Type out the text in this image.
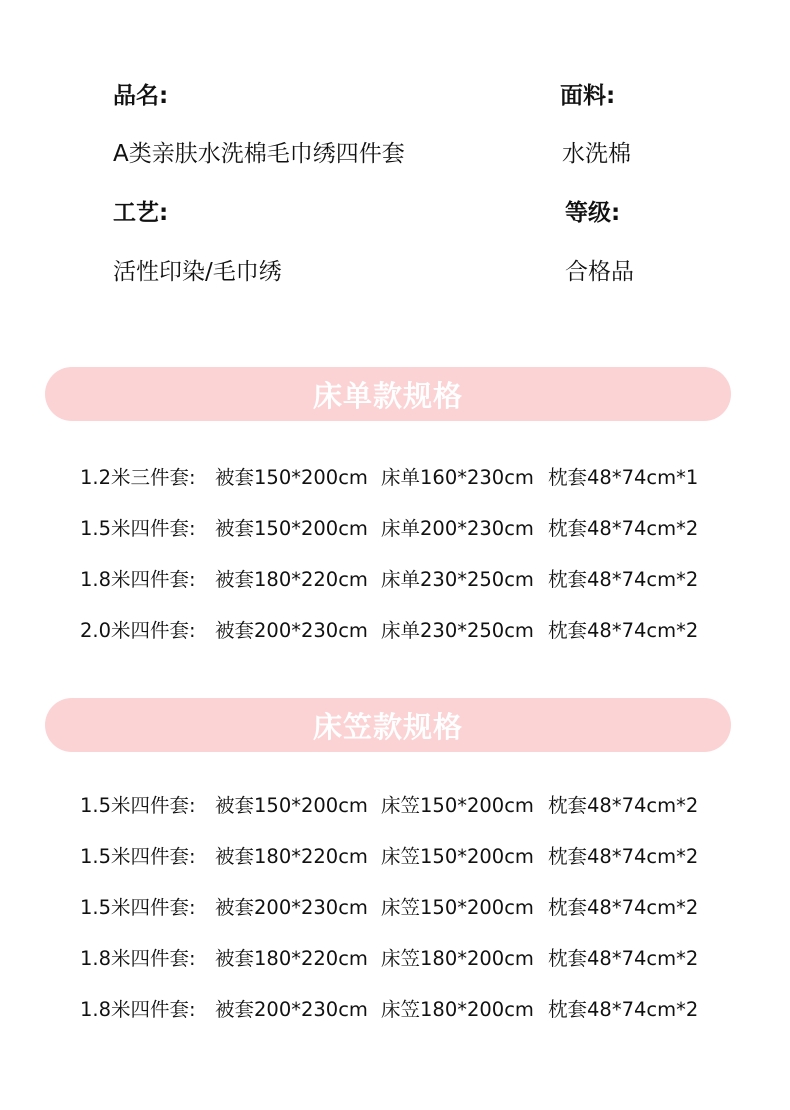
品名:	面料:
A类亲肤水洗棉毛巾绣四件套	水洗棉
工艺:	等级:
活性印染/毛巾绣	合格品
床单款规格
1.2米三件套: 被套150*200cm 床单160*230cm 枕套48*74cm*1
1.5米四件套: 被套150*200cm 床单200*230cm 枕套48*74cm*2
1.8米四件套: 被套180*220cm 床单230*250cm 枕套48*74cm*2
2.0米四件套: 被套200*230cm 床单230*250cm 枕套48*74cm*2
床笠款规格
1.5米四件套: 被套150*200cm 床笠150*200cm 枕套48*74cm*2
1.5米四件套: 被套180*220cm 床笠150*200cm 枕套48*74cm*2
1.5米四件套: 被套200*230cm 床笠150*200cm 枕套48*74cm*2
1.8米四件套: 被套180*220cm 床笠180*200cm 枕套48*74cm*2
1.8米四件套: 被套200*230cm 床笠180*200cm 枕套48*74cm*2
